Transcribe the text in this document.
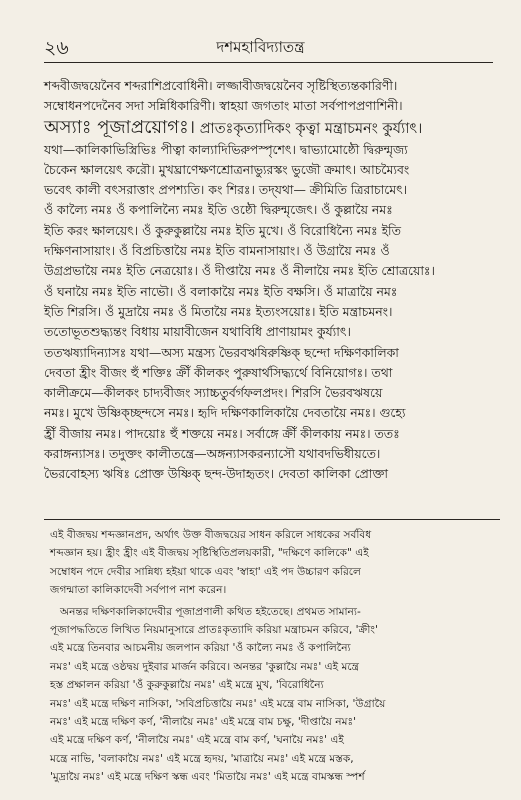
২৬	দশমহাবিদ্যাতন্ত্র

শব্দবীজদ্বয়েনৈব শব্দরাশিপ্রবোধিনী। লজ্জাবীজদ্বয়েনৈব সৃষ্টিস্থিত্যন্তকারিণী।

সম্বোধনপদেনৈব সদা সন্নিধিকারিণী। স্বাহয়া জগতাং মাতা সর্বপাপপ্রণাশিনী।

অস্যাঃ পূজাপ্রয়োগঃ। প্রাতঃকৃত্যাদিকং কৃত্বা মন্ত্রাচমনং কুর্য্যাৎ।

যথা—কালিকাভিস্ত্রিভিঃ পীত্বা কাল্যাদিভিরুপস্পৃশেৎ। দ্বাভ্যামোষ্ঠৌ দ্বিরুন্মৃজ্য

চৈকেন ক্ষালয়েৎ করৌ। মুখঘ্রাণেক্ষণশ্রোত্রনাভ্যুরস্কং ভুজৌ ক্রমাৎ। আচম্যৈবং

ভবেৎ কালী বৎসরাত্তাং প্রপশ্যতি। কং শিরঃ। তদ্‌যথা— ক্রীমিতি ত্রিরাচামেৎ।

ওঁ কাল্যৈ নমঃ ওঁ কপালিন্যৈ নমঃ ইতি ওষ্ঠৌ দ্বিরুন্মৃজেৎ। ওঁ কুল্লায়ৈ নমঃ

ইতি করং ক্ষালয়েৎ। ওঁ কুরুকুল্লায়ৈ নমঃ ইতি মুখে। ওঁ বিরোধিন্যৈ নমঃ ইতি

দক্ষিণনাসায়াং। ওঁ বিপ্রচিত্তায়ৈ নমঃ ইতি বামনাসায়াং। ওঁ উগ্রায়ৈ নমঃ ওঁ

উগ্রপ্রভায়ৈ নমঃ ইতি নেত্রয়োঃ। ওঁ দীপ্তায়ৈ নমঃ ওঁ নীলায়ৈ নমঃ ইতি শ্রোত্রয়োঃ।

ওঁ ঘনায়ৈ নমঃ ইতি নাভৌ। ওঁ বলাকায়ৈ নমঃ ইতি বক্ষসি। ওঁ মাত্রায়ৈ নমঃ

ইতি শিরসি। ওঁ মুদ্রায়ৈ নমঃ ওঁ মিতায়ৈ নমঃ ইত্যংসয়োঃ। ইতি মন্ত্রাচমনং।

ততোভূতশুদ্ধ্যন্তং বিধায় মায়াবীজেন যথাবিধি প্রাণায়ামং কুর্য্যাৎ।

ততঋষ্যাদিন্যাসঃ যথা—অস্য মন্ত্রস্য ভৈরবঋষিরুষ্ণিক্‌ ছন্দো দক্ষিণকালিকা

দেবতা হ্রীং বীজং হুঁ শক্তিঃ ক্রীঁ কীলকং পুরুষার্থসিদ্ধ্যর্থে বিনিয়োগঃ। তথা

কালীক্রমে—কীলকং চাদ্যবীজং স্যাচ্চতুর্বর্গফলপ্রদং। শিরসি ভৈরবঋষয়ে

নমঃ। মুখে উষ্ণিক্‌চ্ছন্দসে নমঃ। হৃদি দক্ষিণকালিকায়ৈ দেবতায়ৈ নমঃ। গুহ্যে

হ্রীঁ বীজায় নমঃ। পাদয়োঃ হুঁ শক্তয়ে নমঃ। সর্বাঙ্গে ক্রীঁ কীলকায় নমঃ। ততঃ

করাঙ্গন্যাসঃ। তদুক্তং কালীতন্ত্রে—অঙ্গন্যাসকরন্যাসৌ যথাবদভিধীয়তে।

ভৈরবোহস্য ঋষিঃ প্রোক্ত উষ্ণিক্‌ ছন্দ-উদাহৃতং। দেবতা কালিকা প্রোক্তা

এই বীজদ্বয় শব্দজ্ঞানপ্রদ, অর্থাৎ উক্ত বীজদ্বয়ের সাধন করিলে সাধকের সর্ববিধ

শব্দজ্ঞান হয়। হ্রীং হ্রীং এই বীজদ্বয় সৃষ্টিস্থিতিপ্রলয়কারী, "দক্ষিণে কালিকে" এই

সম্বোধন পদে দেবীর সান্নিধ্য হইয়া থাকে এবং 'স্বাহা' এই পদ উচ্চারণ করিলে

জগন্মাতা কালিকাদেবী সর্বপাপ নাশ করেন।

অনন্তর দক্ষিণকালিকাদেবীর পূজাপ্রণালী কথিত হইতেছে। প্রথমত সামান্য-

পূজাপদ্ধতিতে লিখিত নিয়মানুসারে প্রাতঃকৃত্যাদি করিয়া মন্ত্রাচমন করিবে, 'ক্রীং'

এই মন্ত্রে তিনবার আচমনীয় জলপান করিয়া 'ওঁ কাল্যৈ নমঃ ওঁ কপালিন্যৈ

নমঃ' এই মন্ত্রে ওষ্ঠদ্বয় দুইবার মার্জন করিবে। অনন্তর 'কুল্লায়ৈ নমঃ' এই মন্ত্রে

হস্ত প্রক্ষালন করিয়া 'ওঁ কুরুকুল্লায়ৈ নমঃ' এই মন্ত্রে মুখ, 'বিরোধিন্যৈ

নমঃ' এই মন্ত্রে দক্ষিণ নাসিকা, 'সবিপ্রচিত্তায়ৈ নমঃ' এই মন্ত্রে বাম নাসিকা, 'উগ্রায়ৈ

নমঃ' এই মন্ত্রে দক্ষিণ কর্ণ, 'নীলায়ৈ নমঃ' এই মন্ত্রে বাম চক্ষু, 'দীপ্তায়ৈ নমঃ'

এই মন্ত্রে দক্ষিণ কর্ণ, 'নীলায়ৈ নমঃ' এই মন্ত্রে বাম কর্ণ, 'ঘনায়ৈ নমঃ' এই

মন্ত্রে নাভি, 'বলাকায়ৈ নমঃ' এই মন্ত্রে হৃদয়, 'মাত্রায়ৈ নমঃ' এই মন্ত্রে মস্তক,

'মুদ্রায়ৈ নমঃ' এই মন্ত্রে দক্ষিণ স্কন্ধ এবং 'মিতায়ৈ নমঃ' এই মন্ত্রে বামস্কন্ধ স্পর্শ
